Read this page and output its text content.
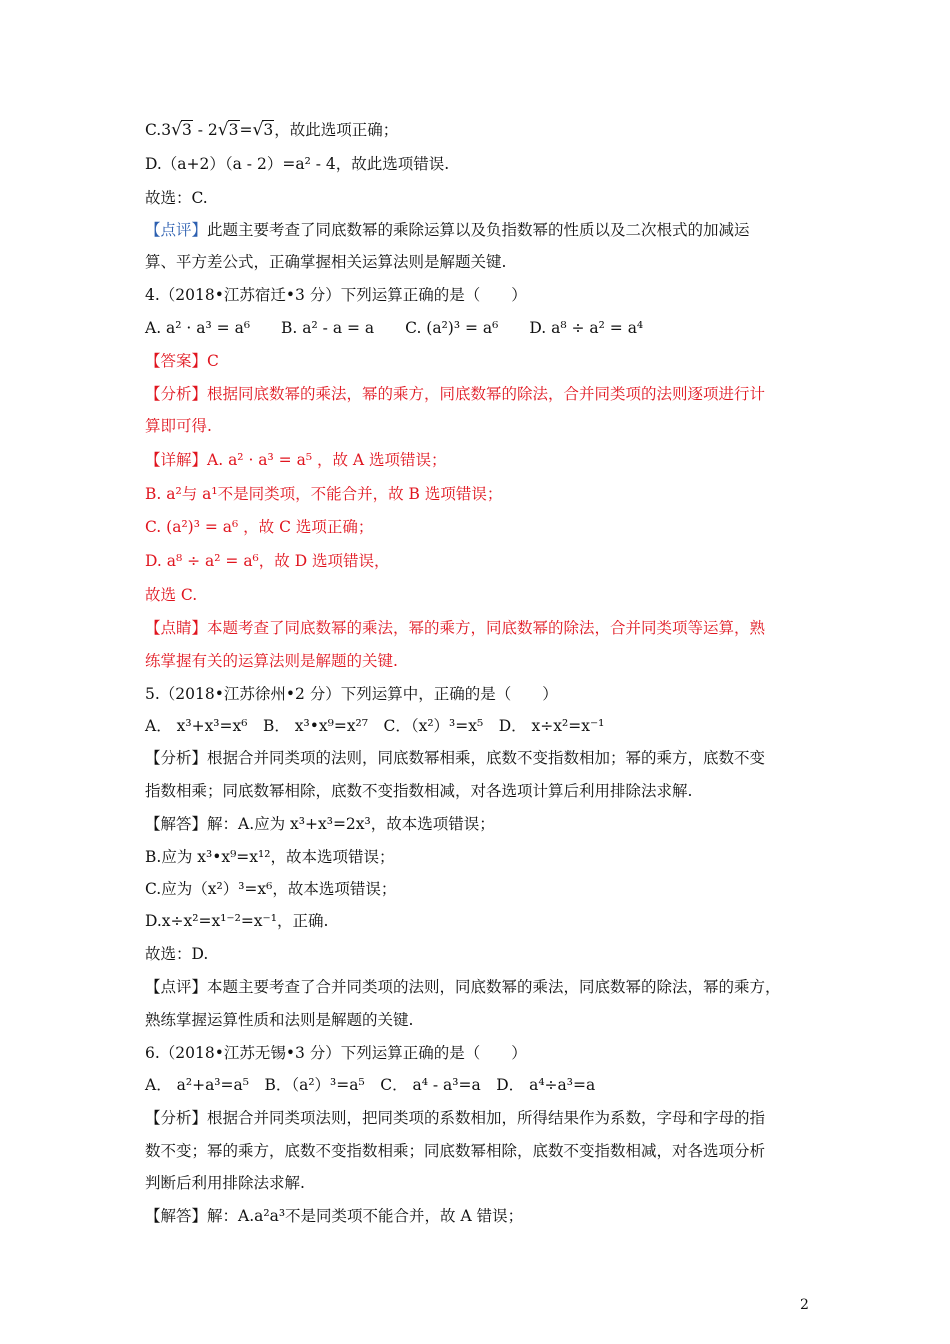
C.3√3 - 2√3=√3，故此选项正确；
D.（a+2）（a - 2）=a² - 4，故此选项错误.
故选：C.
【点评】此题主要考查了同底数幂的乘除运算以及负指数幂的性质以及二次根式的加减运
算、平方差公式，正确掌握相关运算法则是解题关键.
4.（2018•江苏宿迁•3 分）下列运算正确的是（　　）
A. a² · a³ = a⁶　　B. a² - a = a　　C. (a²)³ = a⁶　　D. a⁸ ÷ a² = a⁴
【答案】C
【分析】根据同底数幂的乘法，幂的乘方，同底数幂的除法，合并同类项的法则逐项进行计
算即可得.
【详解】A. a² · a³ = a⁵ ，故 A 选项错误；
B. a²与 a¹不是同类项，不能合并，故 B 选项错误；
C. (a²)³ = a⁶ ，故 C 选项正确；
D. a⁸ ÷ a² = a⁶，故 D 选项错误，
故选 C.
【点睛】本题考查了同底数幂的乘法，幂的乘方，同底数幂的除法，合并同类项等运算，熟
练掌握有关的运算法则是解题的关键.
5.（2018•江苏徐州•2 分）下列运算中，正确的是（　　）
A． x³+x³=x⁶　B． x³•x⁹=x²⁷　C．（x²）³=x⁵　D． x÷x²=x⁻¹
【分析】根据合并同类项的法则，同底数幂相乘，底数不变指数相加；幂的乘方，底数不变
指数相乘；同底数幂相除，底数不变指数相减，对各选项计算后利用排除法求解.
【解答】解：A.应为 x³+x³=2x³，故本选项错误；
B.应为 x³•x⁹=x¹²，故本选项错误；
C.应为（x²）³=x⁶，故本选项错误；
D.x÷x²=x¹⁻²=x⁻¹，正确.
故选：D.
【点评】本题主要考查了合并同类项的法则，同底数幂的乘法，同底数幂的除法，幂的乘方，
熟练掌握运算性质和法则是解题的关键.
6.（2018•江苏无锡•3 分）下列运算正确的是（　　）
A． a²+a³=a⁵　B．（a²）³=a⁵　C． a⁴ - a³=a　D． a⁴÷a³=a
【分析】根据合并同类项法则，把同类项的系数相加，所得结果作为系数，字母和字母的指
数不变；幂的乘方，底数不变指数相乘；同底数幂相除，底数不变指数相减，对各选项分析
判断后利用排除法求解.
【解答】解：A.a²a³不是同类项不能合并，故 A 错误；
2
